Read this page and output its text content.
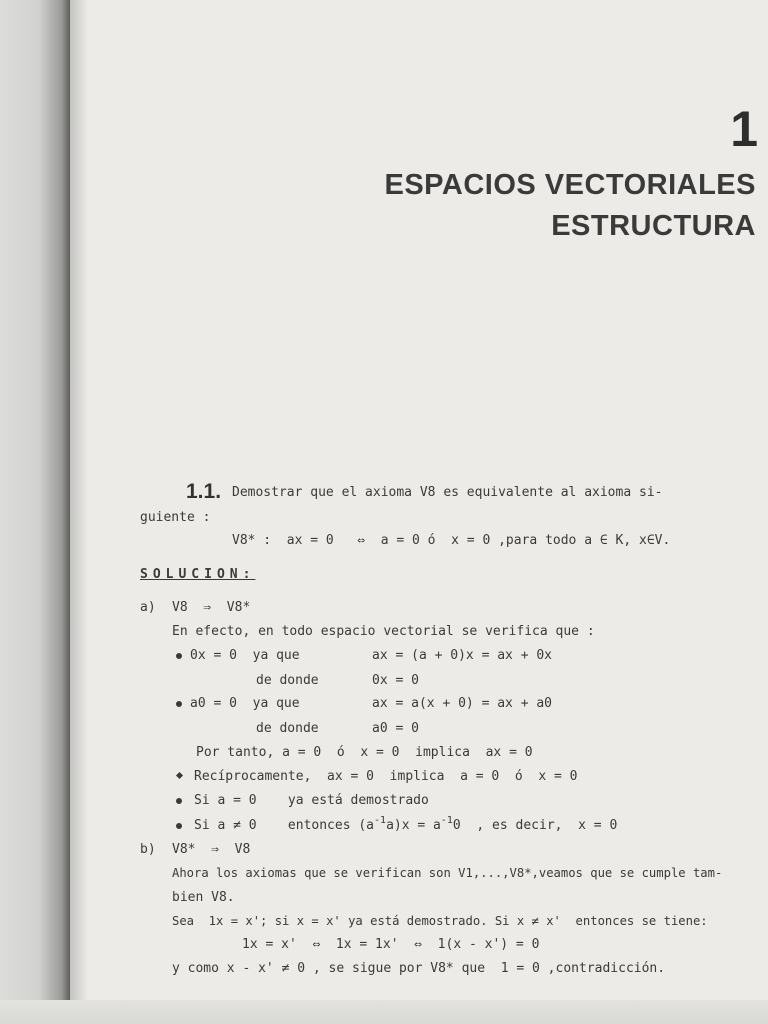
1
ESPACIOS VECTORIALES
ESTRUCTURA
1.1. Demostrar que el axioma V8 es equivalente al axioma si-
guiente :
V8* :  ax = 0   ⇔  a = 0 ó  x = 0 ,para todo a ∈ K, x∈V.
SOLUCION:
a) V8  ⇒  V8*
En efecto, en todo espacio vectorial se verifica que :
0x = 0  ya que	ax = (a + 0)x = ax + 0x
de donde	0x = 0
a0 = 0  ya que	ax = a(x + 0) = ax + a0
de donde	a0 = 0
Por tanto, a = 0  ó  x = 0  implica  ax = 0
Recíprocamente,  ax = 0  implica  a = 0  ó  x = 0
Si a = 0    ya está demostrado
Si a ≠ 0    entonces $(a^{-1}a)x = a^{-1}0$  , es decir,  x = 0
b) V8*  ⇒  V8
Ahora los axiomas que se verifican son V1,...,V8*,veamos que se cumple tam-
bien V8.
Sea  1x = x'; si x = x' ya está demostrado. Si x ≠ x'  entonces se tiene:
1x = x'  ⇔  1x = 1x'  ⇔  1(x - x') = 0
y como x - x' ≠ 0 , se sigue por V8* que  1 = 0 ,contradicción.
